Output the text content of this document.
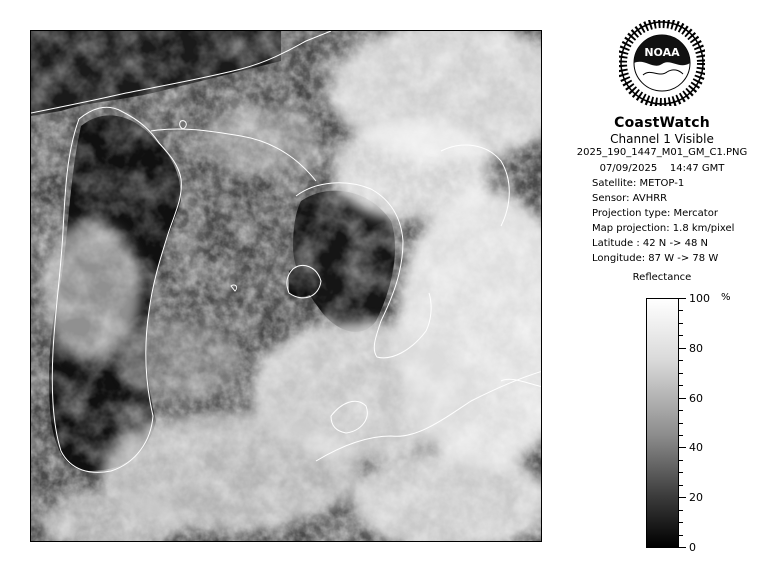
NOAA
CoastWatch
Channel 1 Visible
2025_190_1447_M01_GM_C1.PNG
07/09/2025    14:47 GMT
Satellite: METOP-1
Sensor: AVHRR
Projection type: Mercator
Map projection: 1.8 km/pixel
Latitude : 42 N -> 48 N
Longitude: 87 W -> 78 W
Reflectance
%
100
80
60
40
20
0
